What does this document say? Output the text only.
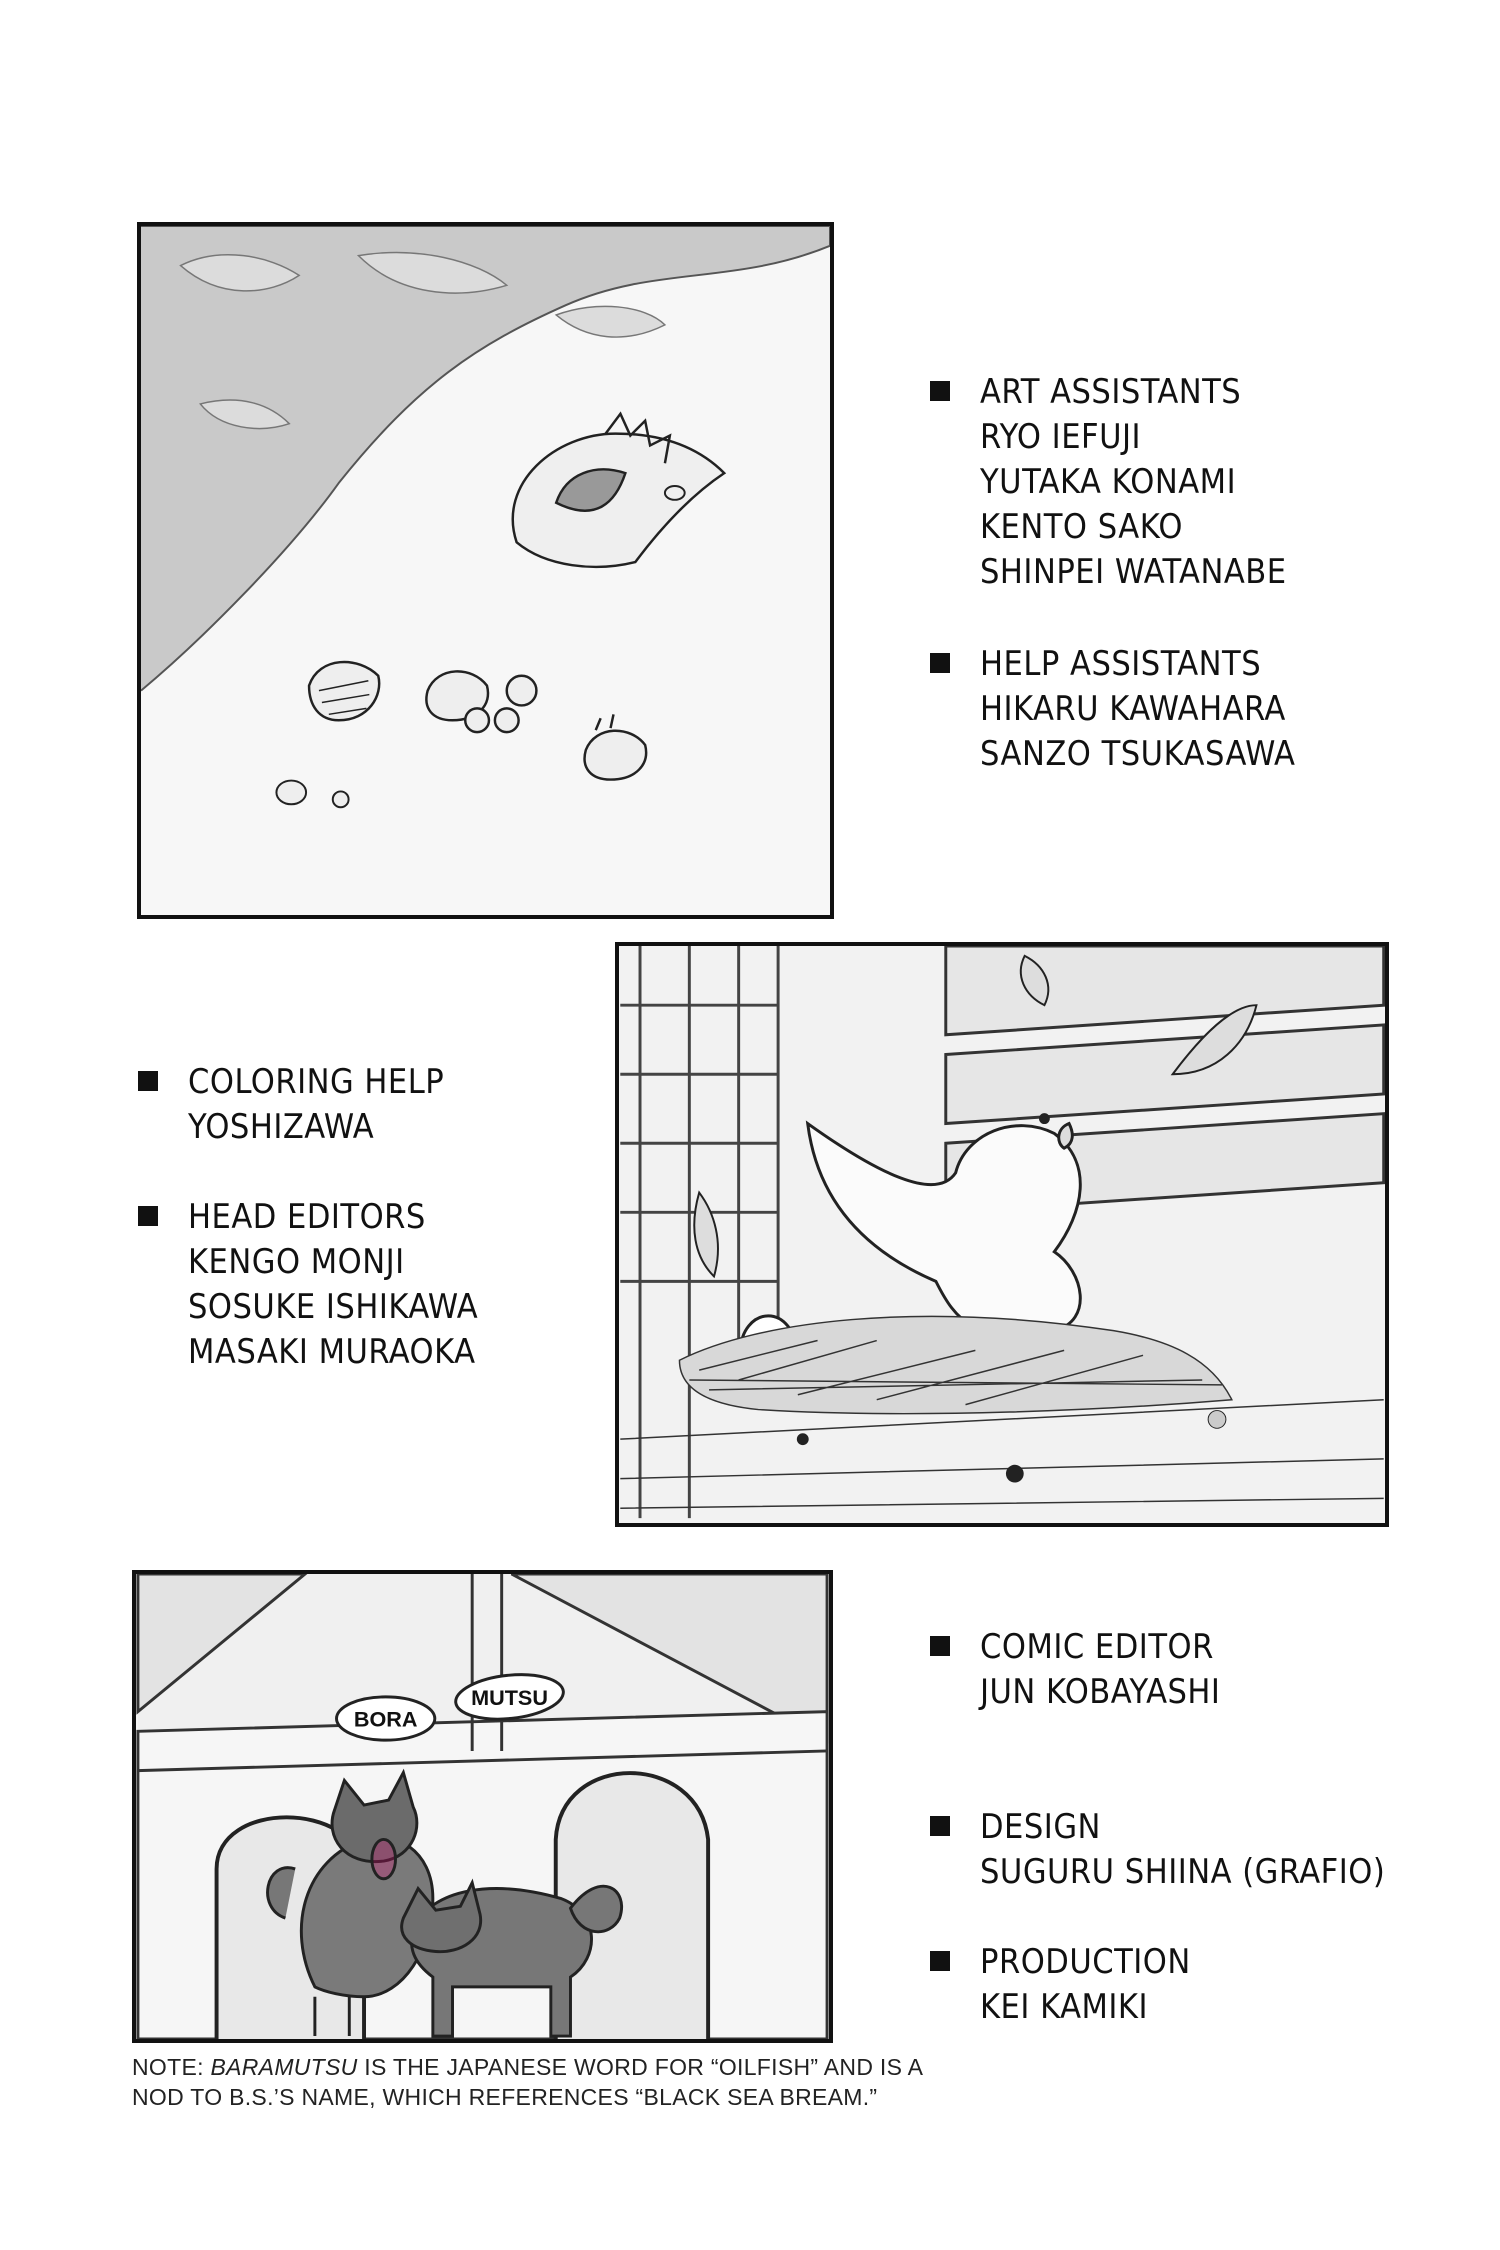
BORA
MUTSU
ART ASSISTANTS
RYO IEFUJI
YUTAKA KONAMI
KENTO SAKO
SHINPEI WATANABE
HELP ASSISTANTS
HIKARU KAWAHARA
SANZO TSUKASAWA
COLORING HELP
YOSHIZAWA
HEAD EDITORS
KENGO MONJI
SOSUKE ISHIKAWA
MASAKI MURAOKA
COMIC EDITOR
JUN KOBAYASHI
DESIGN
SUGURU SHIINA (GRAFIO)
PRODUCTION
KEI KAMIKI
NOTE: BARAMUTSU IS THE JAPANESE WORD FOR “OILFISH” AND IS A
NOD TO B.S.’S NAME, WHICH REFERENCES “BLACK SEA BREAM.”
